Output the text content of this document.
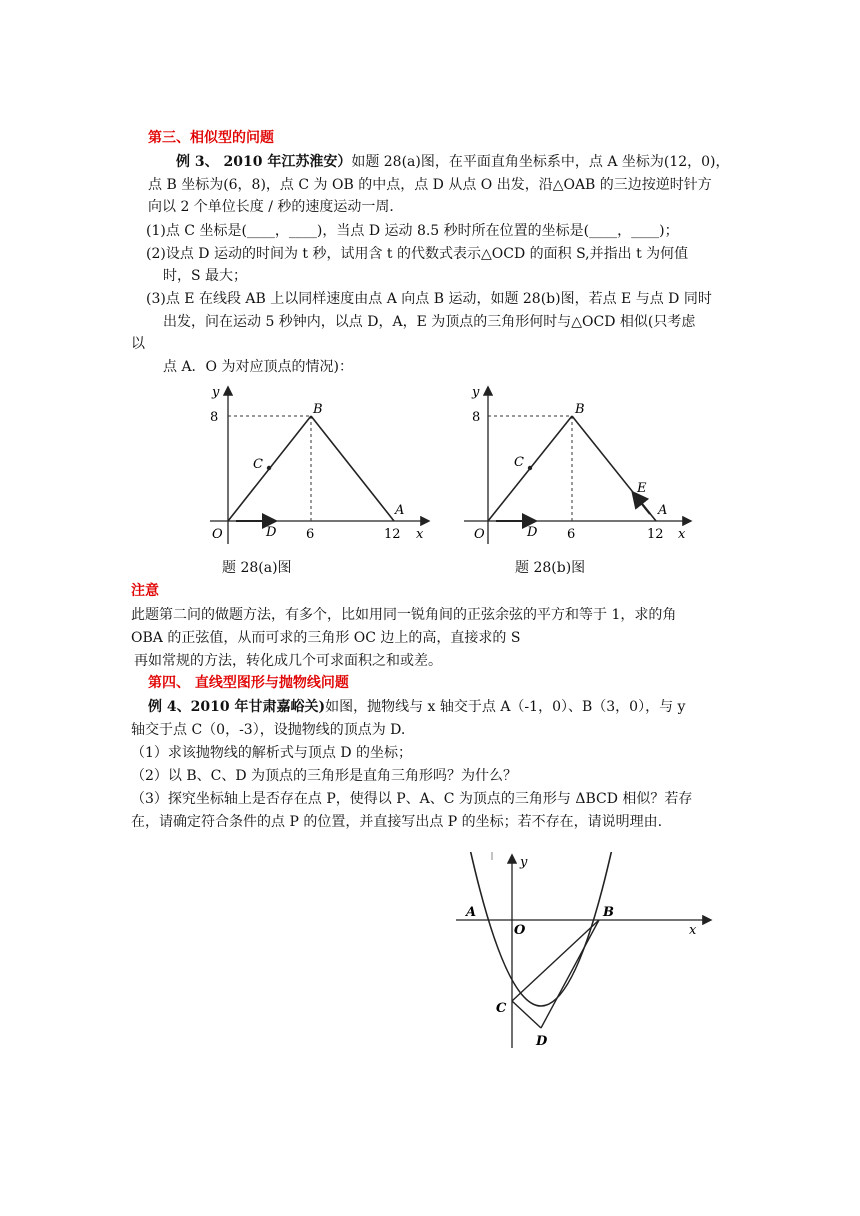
第三、相似型的问题
例 3、 2010 年江苏淮安）如题 28(a)图，在平面直角坐标系中，点 A 坐标为(12，0)，
点 B 坐标为(6，8)，点 C 为 OB 的中点，点 D 从点 O 出发，沿△OAB 的三边按逆时针方
向以 2 个单位长度 / 秒的速度运动一周．
(1)点 C 坐标是(____，____)，当点 D 运动 8.5 秒时所在位置的坐标是(____，____)；
(2)设点 D 运动的时间为 t 秒，试用含 t 的代数式表示△OCD 的面积 S,并指出 t 为何值
时，S 最大；
(3)点 E 在线段 AB 上以同样速度由点 A 向点 B 运动，如题 28(b)图，若点 E 与点 D 同时
出发，问在运动 5 秒钟内，以点 D，A，E 为顶点的三角形何时与△OCD 相似(只考虑
以
点 A．O 为对应顶点的情况)：
y
8
B
C
D
O	6	12
A
x
y
8
B
C
D
O	6	12
E
A
x
题 28(a)图	题 28(b)图
注意
此题第二问的做题方法，有多个，比如用同一锐角间的正弦余弦的平方和等于 1，求的角
OBA 的正弦值，从而可求的三角形 OC 边上的高，直接求的 S
再如常规的方法，转化成几个可求面积之和或差。
第四、 直线型图形与抛物线问题
例 4、2010 年甘肃嘉峪关)如图，抛物线与 x 轴交于点 A（-1，0）、B（3，0），与 y
轴交于点 C（0，-3），设抛物线的顶点为 D.
（1）求该抛物线的解析式与顶点 D 的坐标；
（2）以 B、C、D 为顶点的三角形是直角三角形吗？为什么？
（3）探究坐标轴上是否存在点 P，使得以 P、A、C 为顶点的三角形与 ΔBCD 相似？若存
在，请确定符合条件的点 P 的位置，并直接写出点 P 的坐标；若不存在，请说明理由.
A
O
B
y
x
C
D
